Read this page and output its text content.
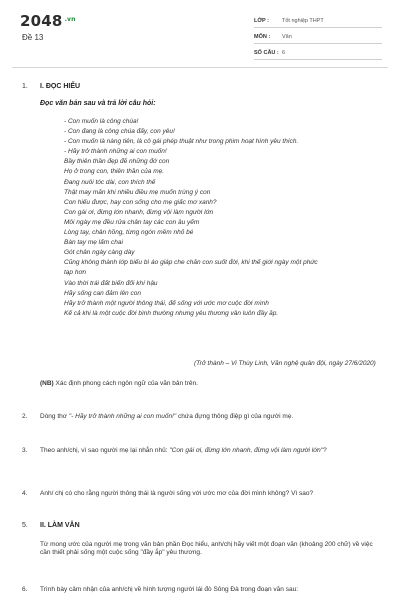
2048 $^{.vn}$
Đề 13
LỚP :	Tốt nghiệp THPT
MÔN :	Văn
SỐ CÂU : 6
1. I. ĐỌC HIỂU
Đọc văn bản sau và trả lời câu hỏi:
- Con muốn là công chúa!
- Con đang là công chúa đấy, con yêu!
- Con muốn là nàng tiên, là cô gái phép thuật như trong phim hoạt hình yêu thích.
- Hãy trở thành những ai con muốn!
Bầy thiên thần đẹp đẽ những đớ con
Họ ở trong con, thiên thần của mẹ.
Đang nuôi tóc dài, con thích thế
Thật may mắn khi nhiều điều mẹ muốn trùng ý con
Con hiểu được, hay con sống cho mẹ giấc mơ xanh?
Con gái ơi, đừng lớn nhanh, đừng vội làm người lớn
Mỗi ngày mẹ đều rửa chân tay các con âu yếm
Lòng tay, chân hồng, từng ngón mềm nhỏ bé
Bàn tay mẹ lấm chai
Gót chân ngày càng dày
Cũng không thành lớp biểu bì áo giáp che chắn con suốt đời, khi thế giới ngày một phức
tạp hơn
Vào thời trái đất biến đổi khí hậu
Hãy sống can đảm lên con
Hãy trở thành một người thông thái, để sống với ước mơ cuộc đời mình
Kể cả khi là một cuộc đời bình thường nhưng yêu thương vẫn luôn đầy ắp.
(Trở thành – Vi Thùy Linh, Văn nghệ quân đội, ngày 27/6/2020)
(NB) Xác định phong cách ngôn ngữ của văn bản trên.
2. Dòng thơ "- Hãy trở thành những ai con muốn!" chứa đựng thông điệp gì của người mẹ.
3. Theo anh/chị, vì sao người mẹ lại nhắn nhủ: "Con gái ơi, đừng lớn nhanh, đừng vội làm người lớn"?
4. Anh/ chị có cho rằng người thông thái là người sống với ước mơ của đời mình không? Vì sao?
5. II. LÀM VĂN
Từ mong ước của người mẹ trong văn bản phần Đọc hiểu, anh/chị hãy viết một đoạn văn (khoảng 200 chữ) về việc cần thiết phải sống một cuộc sống "đầy ắp" yêu thương.
6. Trình bày cảm nhận của anh/chị về hình tượng người lái đò Sông Đà trong đoạn văn sau:
